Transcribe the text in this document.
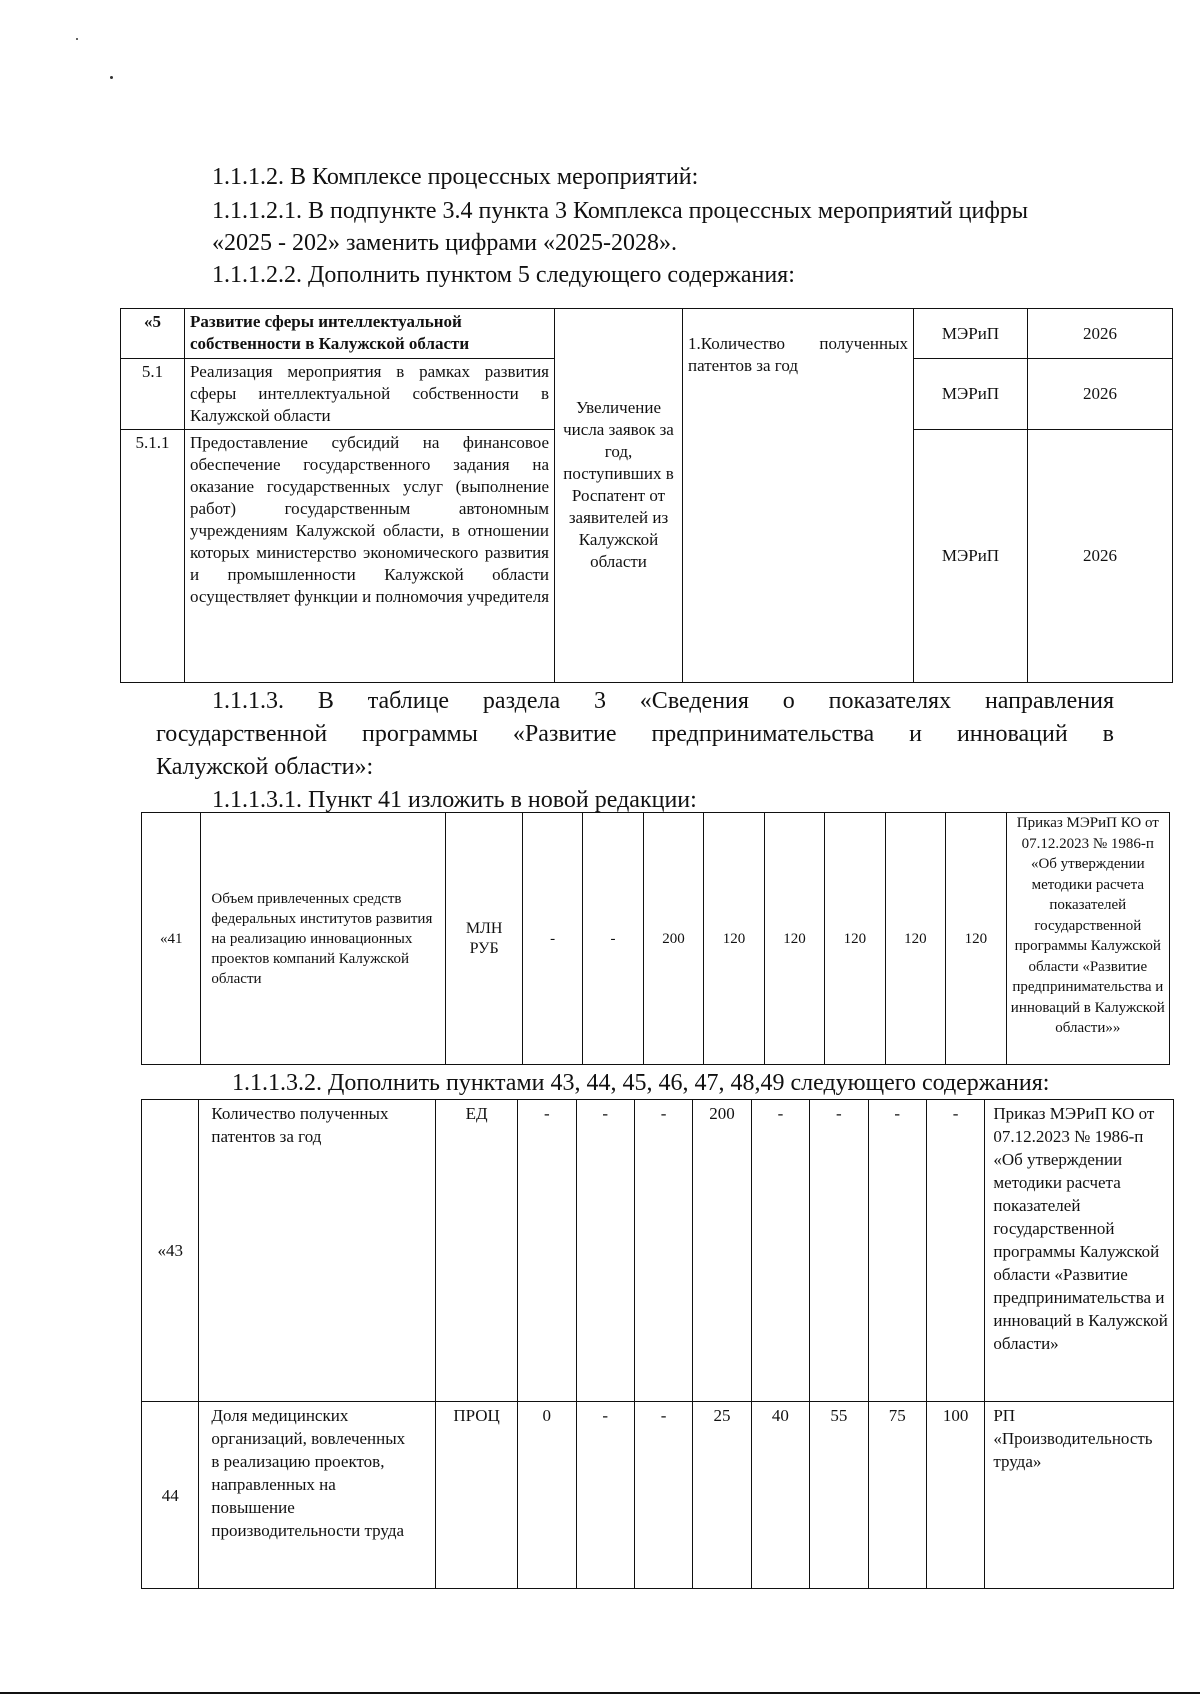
1.1.1.2. В Комплексе процессных мероприятий:
1.1.1.2.1. В подпункте 3.4 пункта 3 Комплекса процессных мероприятий цифры
«2025 - 202» заменить цифрами «2025-2028».
1.1.1.2.2. Дополнить пунктом 5 следующего содержания:
«5	Развитие сферы интеллектуальной собственности в Калужской области	Увеличение числа заявок за год, поступивших в Роспатент от заявителей из Калужской области	1.Количество полученных патентов за год	МЭРиП	2026
5.1	Реализация мероприятия в рамках развития сферы интеллектуальной собственности в Калужской области			МЭРиП	2026
5.1.1	Предоставление субсидий на финансовое обеспечение государственного задания на оказание государственных услуг (выполнение работ) государственным автономным учреждениям Калужской области, в отношении которых министерство экономического развития и промышленности Калужской области осуществляет функции и полномочия учредителя			МЭРиП	2026
1.1.1.3. В таблице раздела 3 «Сведения о показателях направления
государственной программы «Развитие предпринимательства и инноваций в
Калужской области»:
1.1.1.3.1. Пункт 41 изложить в новой редакции:
«41	Объем привлеченных средств федеральных институтов развития на реализацию инновационных проектов компаний Калужской области	МЛН РУБ	-	-	200	120	120	120	120	120	Приказ МЭРиП КО от 07.12.2023 № 1986-п «Об утверждении методики расчета показателей государственной программы Калужской области «Развитие предпринимательства и инноваций в Калужской области»»
1.1.1.3.2. Дополнить пунктами 43, 44, 45, 46, 47, 48,49 следующего содержания:
«43	Количество полученных патентов за год	ЕД	-	-	-	200	-	-	-	-	Приказ МЭРиП КО от 07.12.2023 № 1986-п «Об утверждении методики расчета показателей государственной программы Калужской области «Развитие предпринимательства и инноваций в Калужской области»
44	Доля медицинских организаций, вовлеченных в реализацию проектов, направленных на повышение производительности труда	ПРОЦ	0	-	-	25	40	55	75	100	РП «Производительность труда»
